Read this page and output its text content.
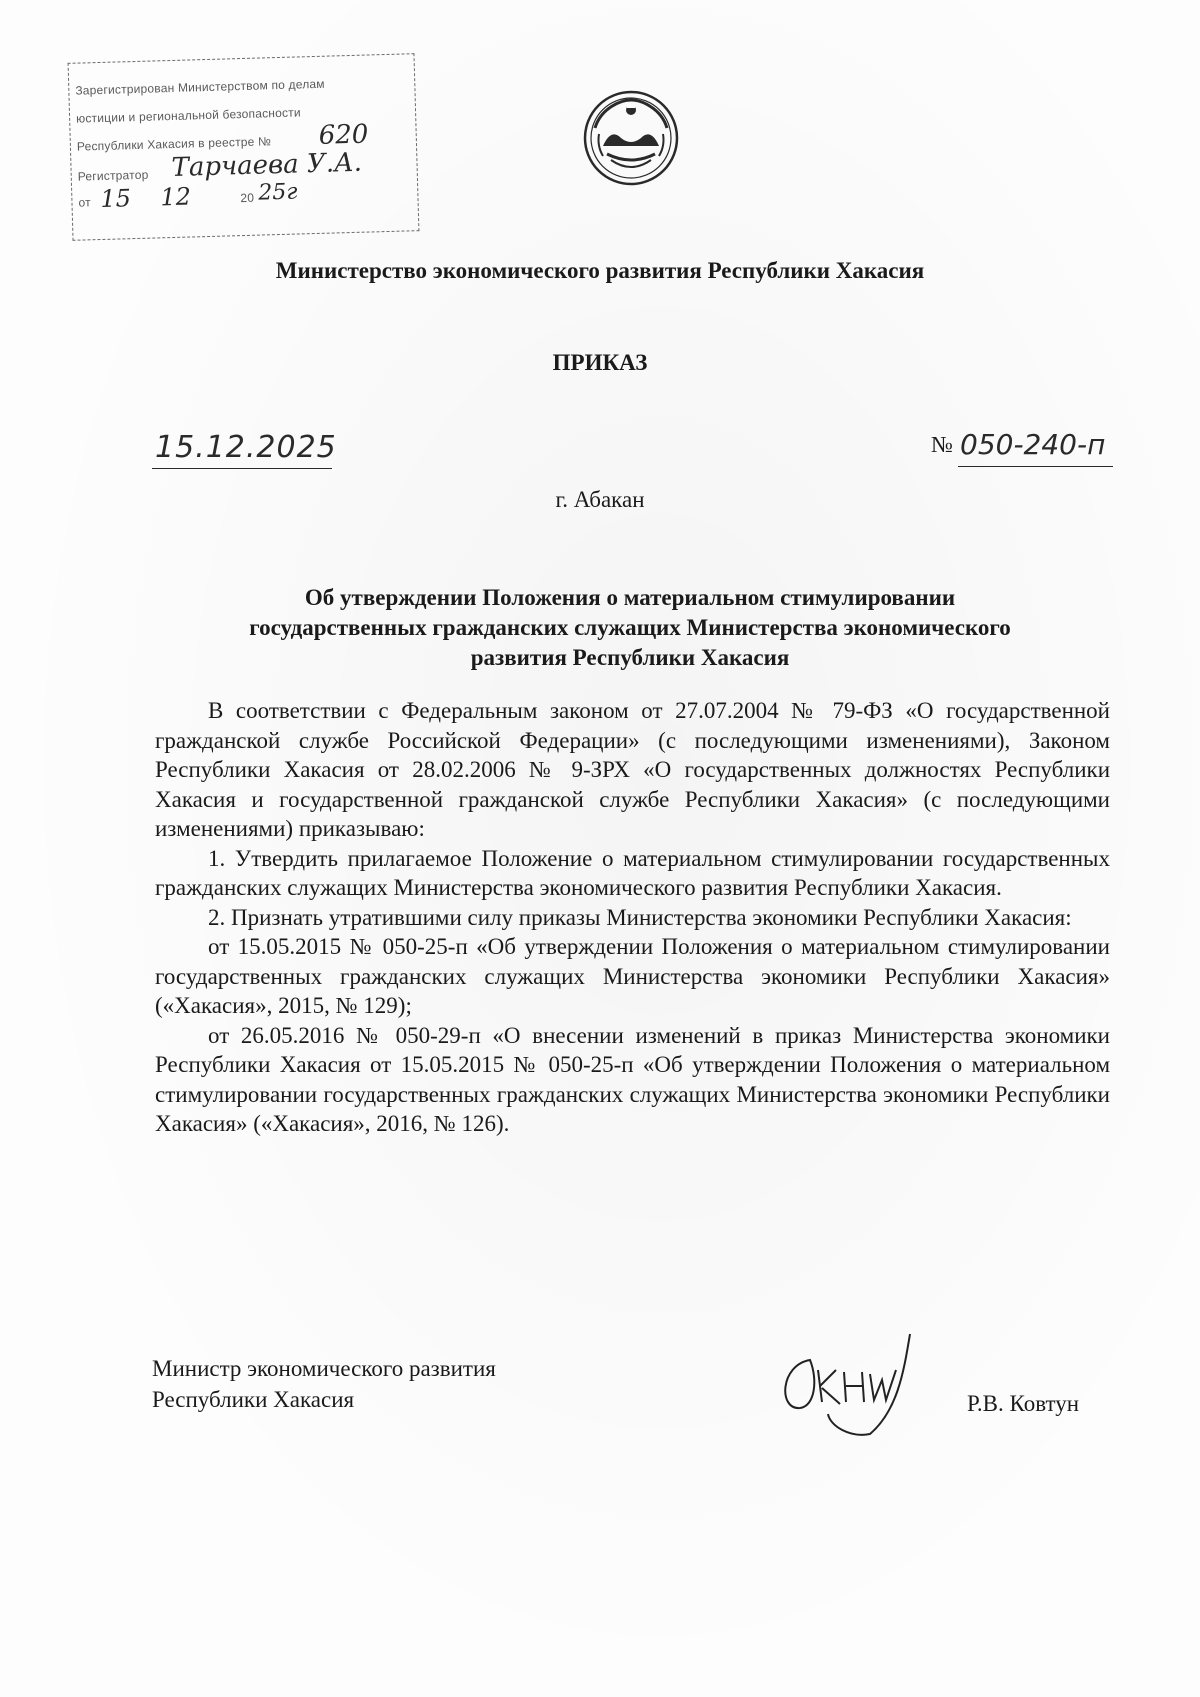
Зарегистрирован Министерством по делам
юстиции и региональной безопасности
Республики Хакасия в реестре № 620
Регистратор Тарчаева У.А.
от 15 12	20 25г
Министерство экономического развития Республики Хакасия
ПРИКАЗ
15.12.2025	№ 050-240-п
г. Абакан
Об утверждении Положения о материальном стимулировании
государственных гражданских служащих Министерства экономического
развития Республики Хакасия

В соответствии с Федеральным законом от 27.07.2004 № 79-ФЗ «О государственной гражданской службе Российской Федерации» (с последующими изменениями), Законом Республики Хакасия от 28.02.2006 № 9-ЗРХ «О государственных должностях Республики Хакасия и государственной гражданской службе Республики Хакасия» (с последующими изменениями) приказываю:

1. Утвердить прилагаемое Положение о материальном стимулировании государственных гражданских служащих Министерства экономического развития Республики Хакасия.

2. Признать утратившими силу приказы Министерства экономики Республики Хакасия:

от 15.05.2015 № 050-25-п «Об утверждении Положения о материальном стимулировании государственных гражданских служащих Министерства экономики Республики Хакасия» («Хакасия», 2015, № 129);

от 26.05.2016 № 050-29-п «О внесении изменений в приказ Министерства экономики Республики Хакасия от 15.05.2015 № 050-25-п «Об утверждении Положения о материальном стимулировании государственных гражданских служащих Министерства экономики Республики Хакасия» («Хакасия», 2016, № 126).

Министр экономического развития
Республики Хакасия	Р.В. Ковтун
